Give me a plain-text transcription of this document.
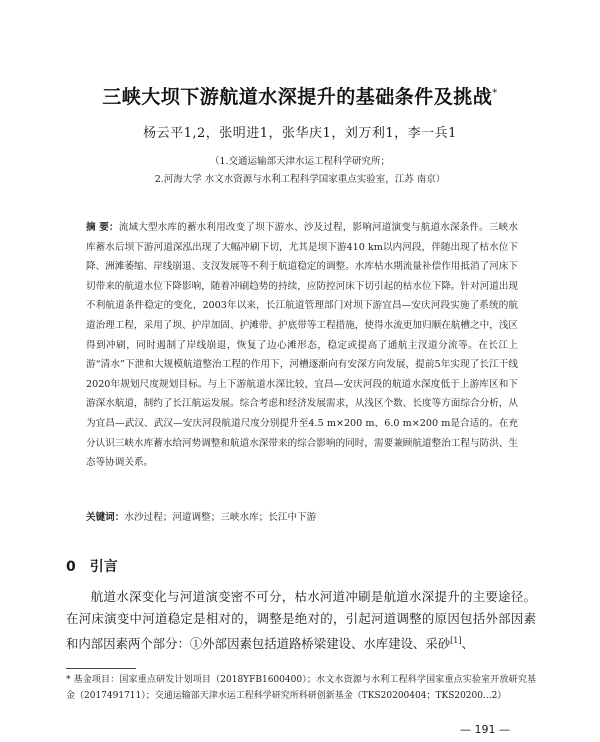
三峡大坝下游航道水深提升的基础条件及挑战*
杨云平1,2，张明进1，张华庆1，刘万利1，李一兵1
（1.交通运输部天津水运工程科学研究所；
2.河海大学 水文水资源与水利工程科学国家重点实验室，江苏 南京）
摘 要：流域大型水库的蓄水利用改变了坝下游水、沙及过程，影响河道演变与航道水深条件。三峡水库蓄水后坝下游河道深泓出现了大幅冲刷下切，尤其是坝下游410 km以内河段，伴随出现了枯水位下降、洲滩萎缩、岸线崩退、支汊发展等不利于航道稳定的调整。水库枯水期流量补偿作用抵消了河床下切带来的航道水位下降影响，随着冲刷趋势的持续，应防控河床下切引起的枯水位下降。针对河道出现不利航道条件稳定的变化，2003年以来，长江航道管理部门对坝下游宜昌—安庆河段实施了系统的航道治理工程，采用了坝、护岸加固、护滩带、护底带等工程措施，使得水流更加归顺在航槽之中，浅区得到冲刷，同时遏制了岸线崩退，恢复了边心滩形态，稳定或提高了通航主汊道分流等。在长江上游“清水”下泄和大规模航道整治工程的作用下，河槽逐渐向有安深方向发展，提前5年实现了长江干线2020年规划尺度规划目标。与上下游航道水深比较，宜昌—安庆河段的航道水深度低于上游库区和下游深水航道，制约了长江航运发展。综合考虑和经济发展需求，从浅区个数、长度等方面综合分析，从为宜昌—武汉、武汉—安庆河段航道尺度分别提升至4.5 m×200 m、6.0 m×200 m是合适的。在充分认识三峡水库蓄水给河势调整和航道水深带来的综合影响的同时，需要兼顾航道整治工程与防洪、生态等协调关系。
关键词：水沙过程；河道调整；三峡水库；长江中下游
0 引言
航道水深变化与河道演变密不可分，枯水河道冲刷是航道水深提升的主要途径。在河床演变中河道稳定是相对的，调整是绝对的，引起河道调整的原因包括外部因素和内部因素两个部分：①外部因素包括道路桥梁建设、水库建设、采砂[1]、
* 基金项目：国家重点研发计划项目（2018YFB1600400）；水文水资源与水利工程科学国家重点实验室开放研究基金（2017491711）；交通运输部天津水运工程科学研究所科研创新基金（TKS20200404；TKS20200...2）
— 191 —
